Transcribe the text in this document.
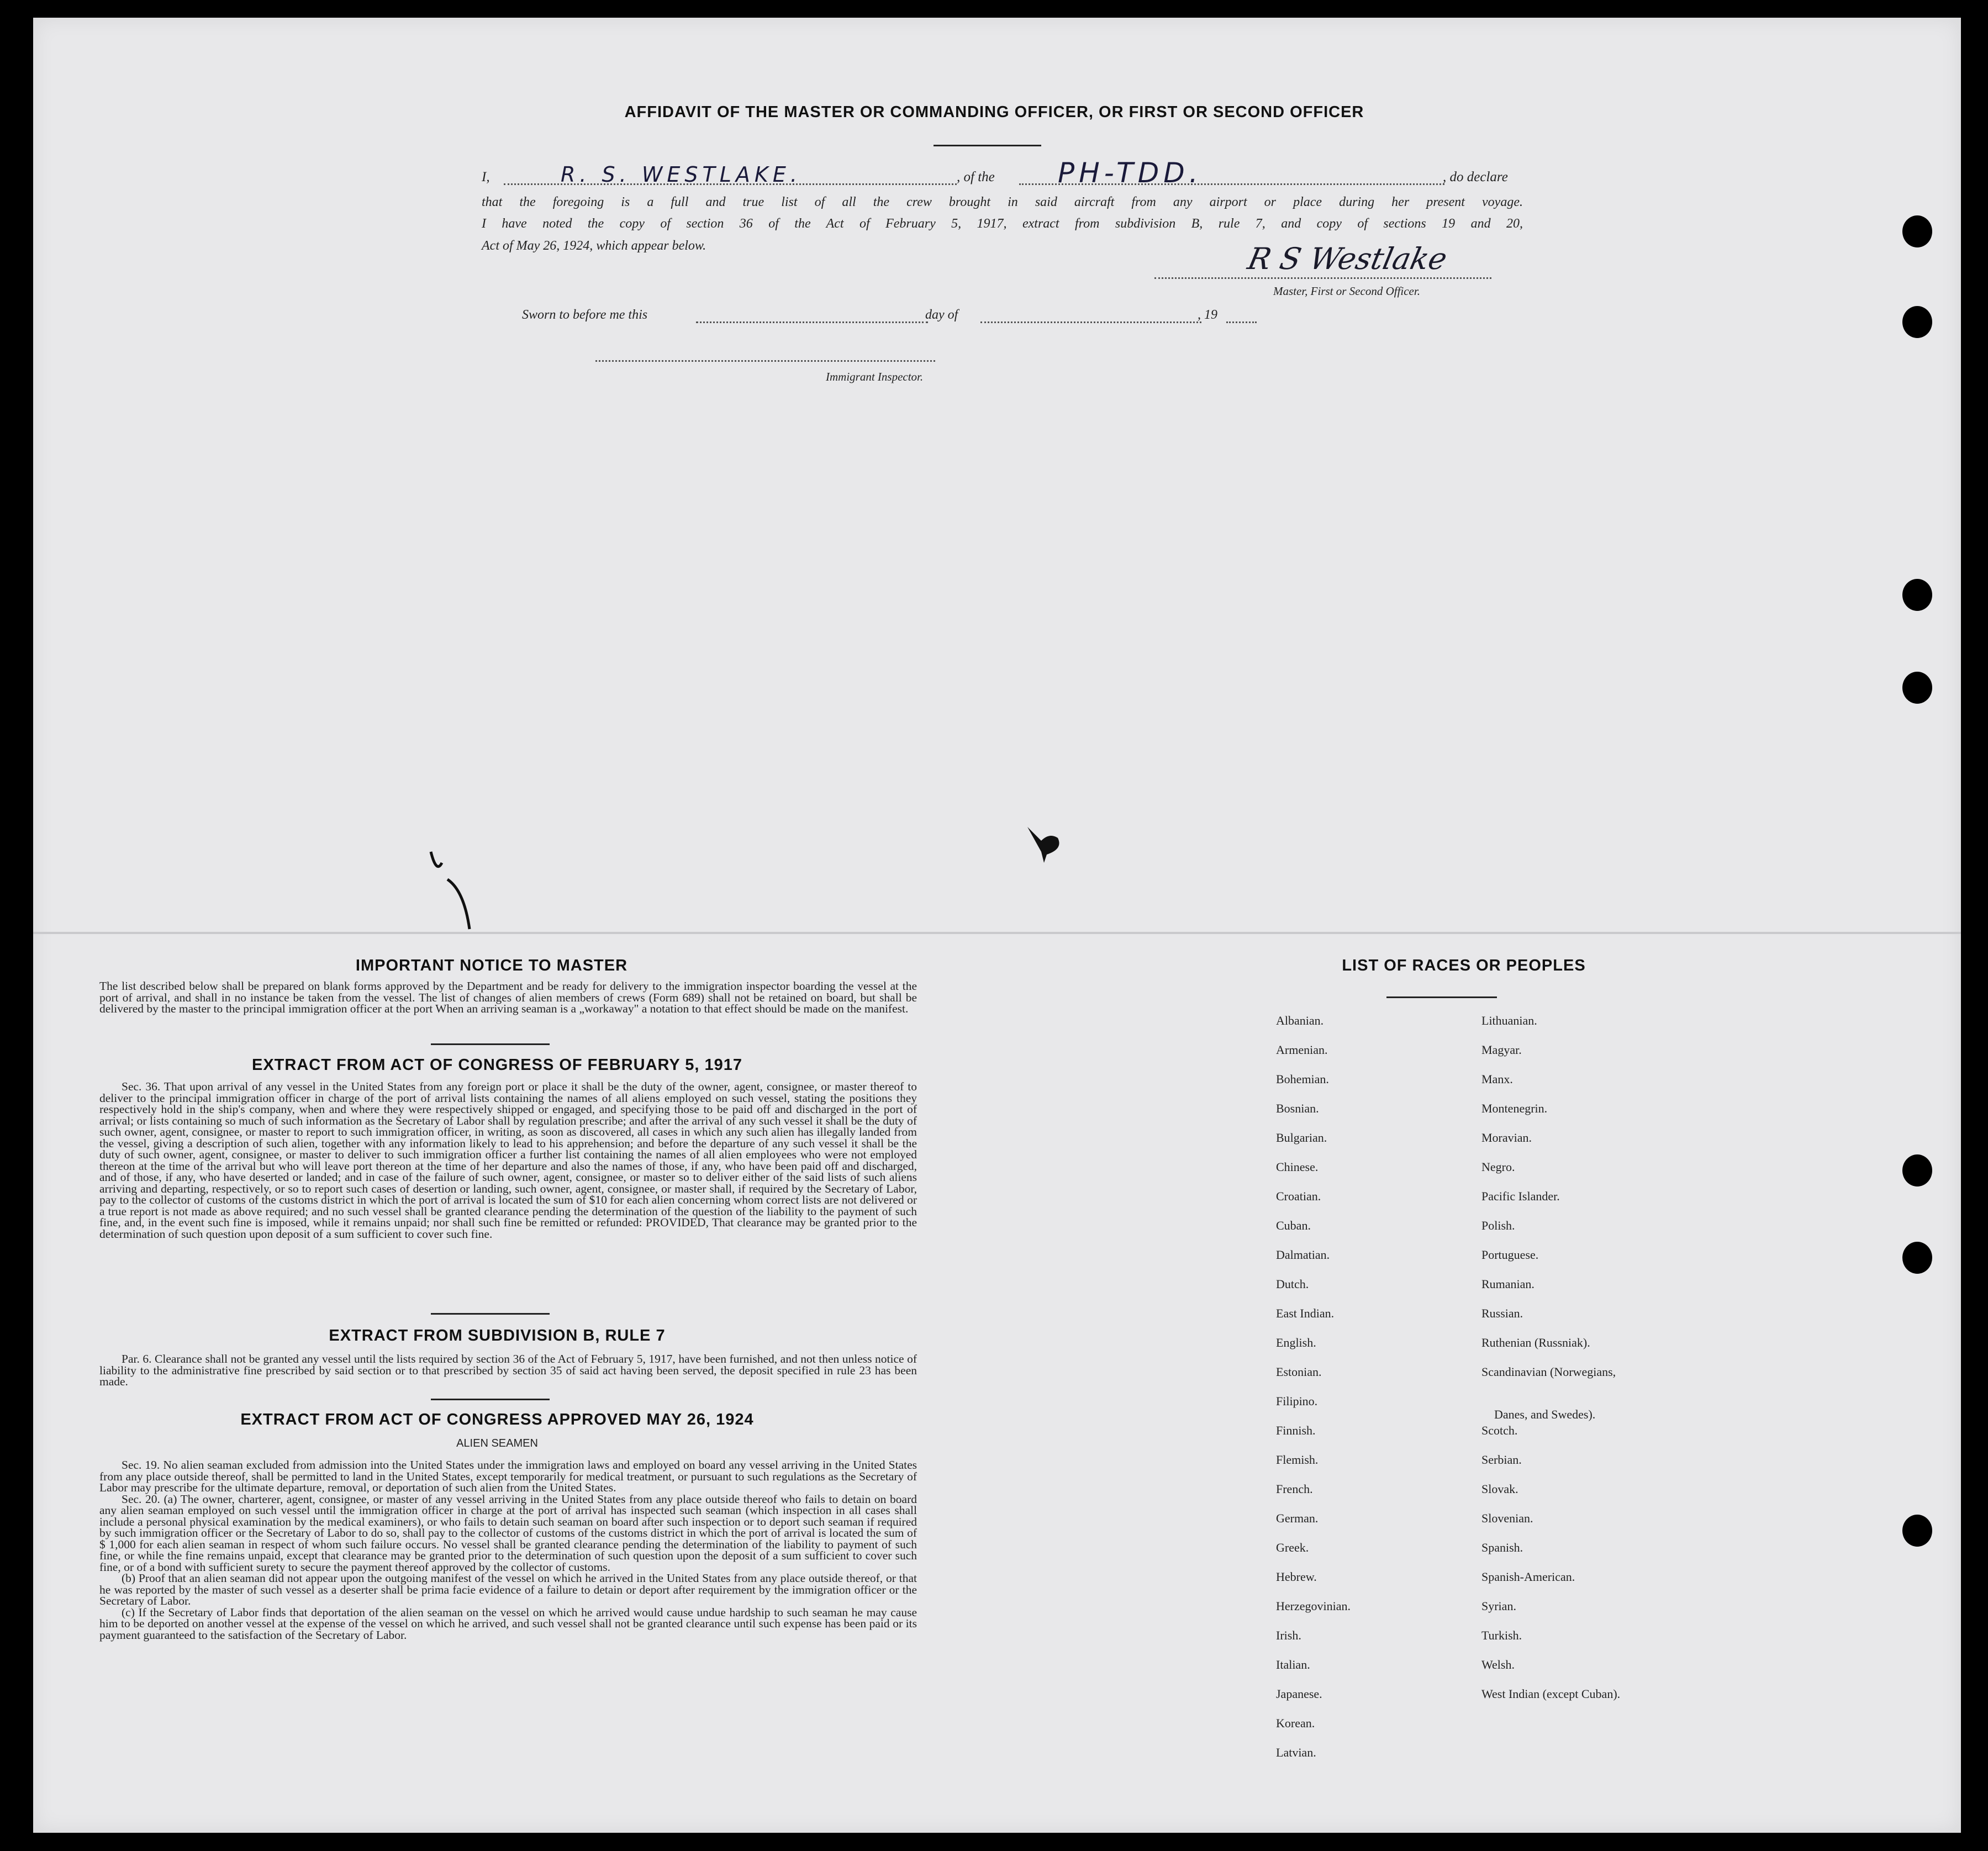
AFFIDAVIT OF THE MASTER OR COMMANDING OFFICER, OR FIRST OR SECOND OFFICER
I,	R. S. WESTLAKE.	, of the PH-TDD.	, do declare
that the foregoing is a full and true list of all the crew brought in said aircraft from any airport or place during her present voyage.
I have noted the copy of section 36 of the Act of February 5, 1917, extract from subdivision B, rule 7, and copy of sections 19 and 20,
Act of May 26, 1924, which appear below.	R S Westlake
Master, First or Second Officer.
Sworn to before me this	day of	, 19
Immigrant Inspector.
IMPORTANT NOTICE TO MASTER
The list described below shall be prepared on blank forms approved by the Department and be ready for delivery to the immigration inspector boarding the vessel at the port of arrival, and shall in no instance be taken from the vessel. The list of changes of alien members of crews (Form 689) shall not be retained on board, but shall be delivered by the master to the principal immigration officer at the port When an arriving seaman is a „workaway" a notation to that effect should be made on the manifest.
EXTRACT FROM ACT OF CONGRESS OF FEBRUARY 5, 1917
Sec. 36. That upon arrival of any vessel in the United States from any foreign port or place it shall be the duty of the owner, agent, consignee, or master thereof to deliver to the principal immigration officer in charge of the port of arrival lists containing the names of all aliens employed on such vessel, stating the positions they respectively hold in the ship's company, when and where they were respectively shipped or engaged, and specifying those to be paid off and discharged in the port of arrival; or lists containing so much of such information as the Secretary of Labor shall by regulation prescribe; and after the arrival of any such vessel it shall be the duty of such owner, agent, consignee, or master to report to such immigration officer, in writing, as soon as discovered, all cases in which any such alien has illegally landed from the vessel, giving a description of such alien, together with any information likely to lead to his apprehension; and before the departure of any such vessel it shall be the duty of such owner, agent, consignee, or master to deliver to such immigration officer a further list containing the names of all alien employees who were not employed thereon at the time of the arrival but who will leave port thereon at the time of her departure and also the names of those, if any, who have been paid off and discharged, and of those, if any, who have deserted or landed; and in case of the failure of such owner, agent, consignee, or master so to deliver either of the said lists of such aliens arriving and departing, respectively, or so to report such cases of desertion or landing, such owner, agent, consignee, or master shall, if required by the Secretary of Labor, pay to the collector of customs of the customs district in which the port of arrival is located the sum of $10 for each alien concerning whom correct lists are not delivered or a true report is not made as above required; and no such vessel shall be granted clearance pending the determination of the question of the liability to the payment of such fine, and, in the event such fine is imposed, while it remains unpaid; nor shall such fine be remitted or refunded: PROVIDED, That clearance may be granted prior to the determination of such question upon deposit of a sum sufficient to cover such fine.
EXTRACT FROM SUBDIVISION B, RULE 7
Par. 6. Clearance shall not be granted any vessel until the lists required by section 36 of the Act of February 5, 1917, have been furnished, and not then unless notice of liability to the administrative fine prescribed by said section or to that prescribed by section 35 of said act having been served, the deposit specified in rule 23 has been made.
EXTRACT FROM ACT OF CONGRESS APPROVED MAY 26, 1924
ALIEN SEAMEN
Sec. 19. No alien seaman excluded from admission into the United States under the immigration laws and employed on board any vessel arriving in the United States from any place outside thereof, shall be permitted to land in the United States, except temporarily for medical treatment, or pursuant to such regulations as the Secretary of Labor may prescribe for the ultimate departure, removal, or deportation of such alien from the United States.
Sec. 20. (a) The owner, charterer, agent, consignee, or master of any vessel arriving in the United States from any place outside thereof who fails to detain on board any alien seaman employed on such vessel until the immigration officer in charge at the port of arrival has inspected such seaman (which inspection in all cases shall include a personal physical examination by the medical examiners), or who fails to detain such seaman on board after such inspection or to deport such seaman if required by such immigration officer or the Secretary of Labor to do so, shall pay to the collector of customs of the customs district in which the port of arrival is located the sum of $ 1,000 for each alien seaman in respect of whom such failure occurs. No vessel shall be granted clearance pending the determination of the liability to payment of such fine, or while the fine remains unpaid, except that clearance may be granted prior to the determination of such question upon the deposit of a sum sufficient to cover such fine, or of a bond with sufficient surety to secure the payment thereof approved by the collector of customs.
(b) Proof that an alien seaman did not appear upon the outgoing manifest of the vessel on which he arrived in the United States from any place outside thereof, or that he was reported by the master of such vessel as a deserter shall be prima facie evidence of a failure to detain or deport after requirement by the immigration officer or the Secretary of Labor.
(c) If the Secretary of Labor finds that deportation of the alien seaman on the vessel on which he arrived would cause undue hardship to such seaman he may cause him to be deported on another vessel at the expense of the vessel on which he arrived, and such vessel shall not be granted clearance until such expense has been paid or its payment guaranteed to the satisfaction of the Secretary of Labor.
LIST OF RACES OR PEOPLES
Albanian.
Armenian.
Bohemian.
Bosnian.
Bulgarian.
Chinese.
Croatian.
Cuban.
Dalmatian.
Dutch.
East Indian.
English.
Estonian.
Filipino.
Finnish.
Flemish.
French.
German.
Greek.
Hebrew.
Herzegovinian.
Irish.
Italian.
Japanese.
Korean.
Latvian.
Lithuanian.
Magyar.
Manx.
Montenegrin.
Moravian.
Negro.
Pacific Islander.
Polish.
Portuguese.
Rumanian.
Russian.
Ruthenian (Russniak).
Scandinavian (Norwegians,
Danes, and Swedes).
Scotch.
Serbian.
Slovak.
Slovenian.
Spanish.
Spanish-American.
Syrian.
Turkish.
Welsh.
West Indian (except Cuban).
